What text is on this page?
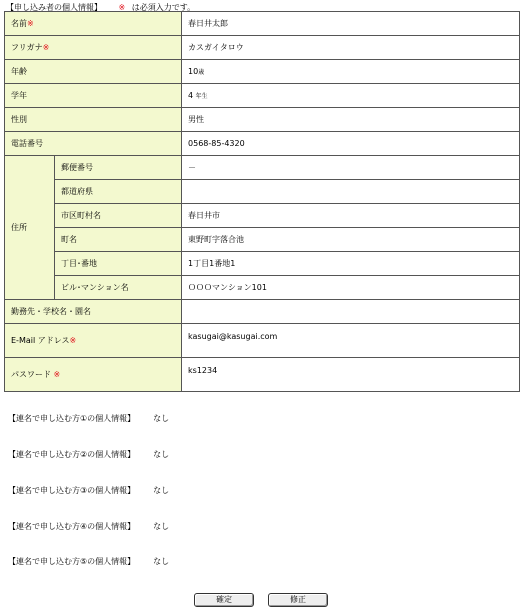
【申し込み者の個人情報】 ※ は必須入力です。
名前※		春日井太郎
フリガナ※		カスガイタロウ
年齢		10歳
学年		4 年生
性別		男性
電話番号		0568-85-4320
住所	郵便番号	－
	都道府県	
	市区町村名	春日井市
	町名	東野町字落合池
	丁目･番地	1丁目1番地1
	ビル･マンション名	ＯＯＯマンション101
勤務先・学校名・園名		
E-Mail アドレス※		kasugai@kasugai.com
パスワード ※		ks1234
【連名で申し込む方①の個人情報】 なし
【連名で申し込む方②の個人情報】 なし
【連名で申し込む方③の個人情報】 なし
【連名で申し込む方④の個人情報】 なし
【連名で申し込む方⑤の個人情報】 なし
確定	修正
